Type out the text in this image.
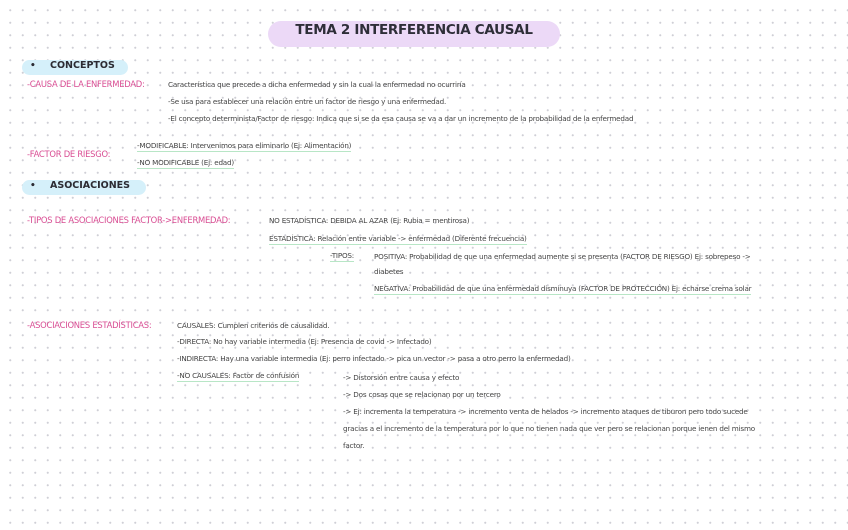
TEMA 2 INTERFERENCIA CAUSAL
• CONCEPTOS
-CAUSA DE LA ENFERMEDAD:	Característica que precede a dicha enfermedad y sin la cual la enfermedad no ocurriría
-Se usa para establecer una relación entre un factor de riesgo y una enfermedad.
-El concepto determinista/Factor de riesgo: Indica que si se da esa causa se va a dar un incremento de la probabilidad de la enfermedad
-FACTOR DE RIESGO:
-MODIFICABLE: Intervenimos para eliminarlo (Ej: Alimentación)
-NO MODIFICABLE (Ej: edad)
• ASOCIACIONES
-TIPOS DE ASOCIACIONES FACTOR->ENFERMEDAD:	NO ESTADÍSTICA: DEBIDA AL AZAR (Ej: Rubia = mentirosa)
ESTADÍSTICA: Relación entre variable -> enfermedad (Diferente frecuencia)
-TIPOS:	POSITIVA: Probabilidad de que una enfermedad aumente si se presenta (FACTOR DE RIESGO) Ej: sobrepeso ->
diabetes
NEGATIVA: Probabilidad de que una enfermedad disminuya (FACTOR DE PROTECCIÓN) Ej: echarse crema solar
-ASOCIACIONES ESTADÍSTICAS:	CAUSALES: Cumplen criterios de causalidad.
-DIRECTA: No hay variable intermedia (Ej: Presencia de covid -> Infectado)
-INDIRECTA: Hay una variable intermedia (Ej: perro infectado -> pica un vector -> pasa a otro perro la enfermedad)
-NO CAUSALES: Factor de confusión	-> Distorsión entre causa y efecto
-> Dos cosas que se relacionan por un tercero
-> Ej: incrementa la temperatura -> incremento venta de helados -> incremento ataques de tiburon pero todo sucede
gracias a el incremento de la temperatura por lo que no tienen nada que ver pero se relacionan porque ienen del mismo
factor.
